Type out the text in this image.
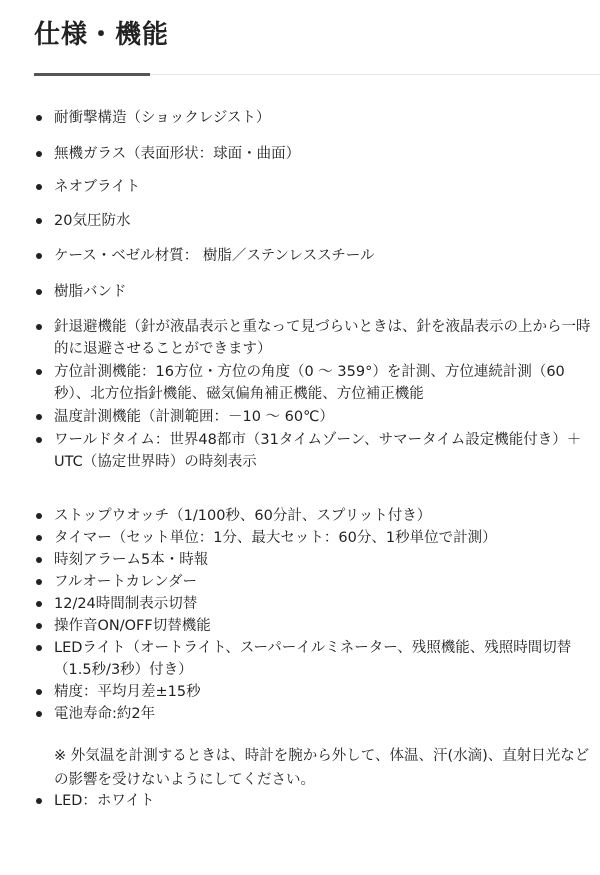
仕様・機能
耐衝撃構造（ショックレジスト）
無機ガラス（表面形状：球面・曲面）
ネオブライト
20気圧防水
ケース・ベゼル材質： 樹脂／ステンレススチール
樹脂バンド
針退避機能（針が液晶表示と重なって見づらいときは、針を液晶表示の上から一時的に退避させることができます）
方位計測機能：16方位・方位の角度（0 ～ 359°）を計測、方位連続計測（60秒）、北方位指針機能、磁気偏角補正機能、方位補正機能
温度計測機能（計測範囲：－10 ～ 60℃）
ワールドタイム：世界48都市（31タイムゾーン、サマータイム設定機能付き）＋UTC（協定世界時）の時刻表示
ストップウオッチ（1/100秒、60分計、スプリット付き）
タイマー（セット単位：1分、最大セット：60分、1秒単位で計測）
時刻アラーム5本・時報
フルオートカレンダー
12/24時間制表示切替
操作音ON/OFF切替機能
LEDライト（オートライト、スーパーイルミネーター、残照機能、残照時間切替（1.5秒/3秒）付き）
精度：平均月差±15秒
電池寿命:約2年
LED：ホワイト
※ 外気温を計測するときは、時計を腕から外して、体温、汗(水滴)、直射日光などの影響を受けないようにしてください。
